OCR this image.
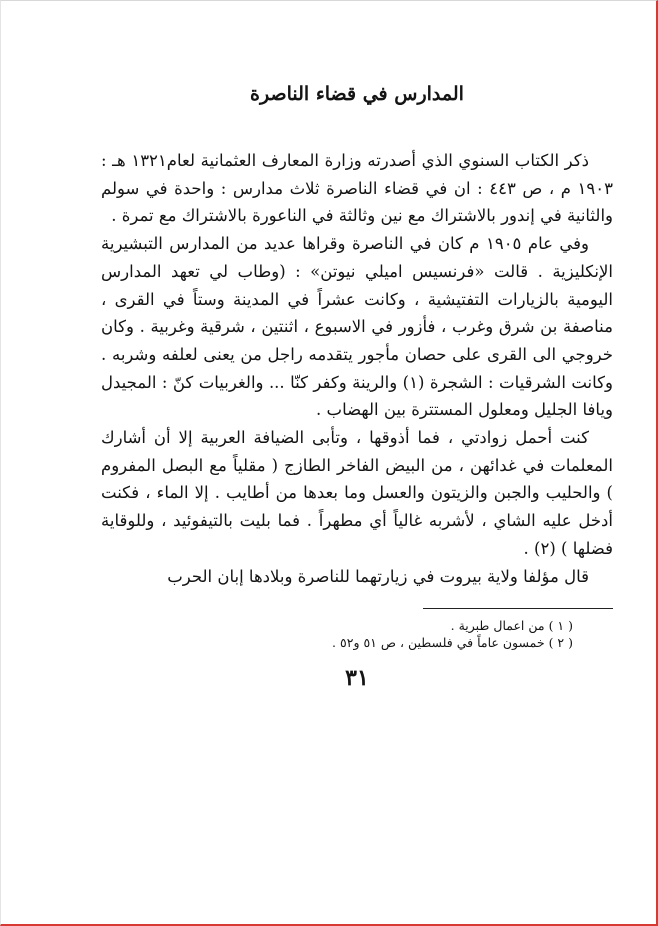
المدارس في قضاء الناصرة

ذكر الكتاب السنوي الذي أصدرته وزارة المعارف العثمانية لعام١٣٢١ هـ : ١٩٠٣ م ، ص ٤٤٣ : ان في قضاء الناصرة ثلاث مدارس : واحدة في سولم والثانية في إندور بالاشتراك مع نين وثالثة في الناعورة بالاشتراك مع تمرة .

وفي عام ١٩٠٥ م كان في الناصرة وقراها عديد من المدارس التبشيرية الإنكليزية . قالت «فرنسيس اميلي نيوتن» : (وطاب لي تعهد المدارس اليومية بالزيارات التفتيشية ، وكانت عشراً في المدينة وستاً في القرى ، مناصفة بن شرق وغرب ، فأزور في الاسبوع ، اثنتين ، شرقية وغربية . وكان خروجي الى القرى على حصان مأجور يتقدمه راجل من يعنى لعلفه وشربه . وكانت الشرقيات : الشجرة (١) والرينة وكفر كنّا ... والغربيات كنّ : المجيدل ويافا الجليل ومعلول المستترة بين الهضاب .

كنت أحمل زوادتي ، فما أذوقها ، وتأبى الضيافة العربية إلا أن أشارك المعلمات في غدائهن ، من البيض الفاخر الطازج ( مقلياً مع البصل المفروم ) والحليب والجبن والزيتون والعسل وما بعدها من أطايب . إلا الماء ، فكنت أدخل عليه الشاي ، لأشربه غالياً أي مطهراً . فما بليت بالتيفوئيد ، وللوقاية فضلها ) (٢) .

قال مؤلفا ولاية بيروت في زيارتهما للناصرة وبلادها إبان الحرب

( ١ ) من اعمال طبرية .

( ٢ ) خمسون عاماً في فلسطين ، ص ٥١ و٥٢ .

٣١
